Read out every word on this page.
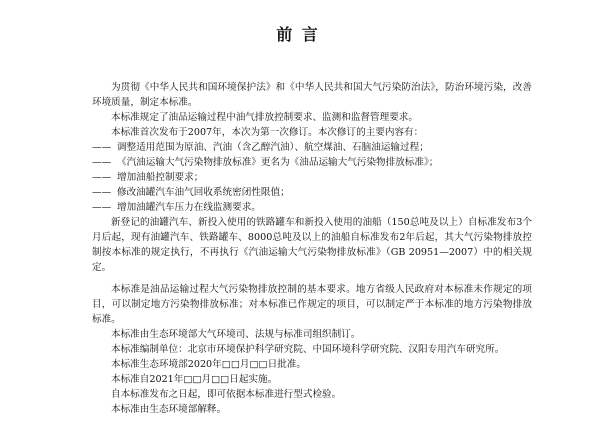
前 言

为贯彻《中华人民共和国环境保护法》和《中华人民共和国大气污染防治法》，防治环境污染，改善环境质量，制定本标准。

本标准规定了油品运输过程中油气排放控制要求、监测和监督管理要求。

本标准首次发布于2007年，本次为第一次修订。本次修订的主要内容有：

—— 调整适用范围为原油、汽油（含乙醇汽油）、航空煤油、石脑油运输过程；
—— 《汽油运输大气污染物排放标准》更名为《油品运输大气污染物排放标准》；
—— 增加油船控制要求；
—— 修改油罐汽车油气回收系统密闭性限值；
—— 增加油罐汽车压力在线监测要求。

新登记的油罐汽车、新投入使用的铁路罐车和新投入使用的油船（150总吨及以上）自标准发布3个月后起，现有油罐汽车、铁路罐车、8000总吨及以上的油船自标准发布2年后起，其大气污染物排放控制按本标准的规定执行，不再执行《汽油运输大气污染物排放标准》（GB 20951—2007）中的相关规定。

本标准是油品运输过程大气污染物排放控制的基本要求。地方省级人民政府对本标准未作规定的项目，可以制定地方污染物排放标准；对本标准已作规定的项目，可以制定严于本标准的地方污染物排放标准。

本标准由生态环境部大气环境司、法规与标准司组织制订。

本标准编制单位：北京市环境保护科学研究院、中国环境科学研究院、汉阳专用汽车研究所。

本标准生态环境部2020年□□月□□日批准。

本标准自2021年□□月□□日起实施。

自本标准发布之日起，即可依据本标准进行型式检验。

本标准由生态环境部解释。
